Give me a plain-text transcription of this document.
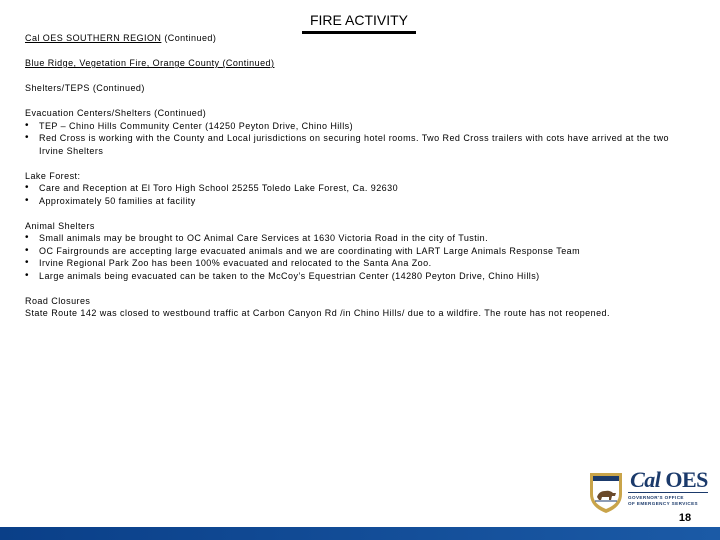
FIRE ACTIVITY

Cal OES SOUTHERN REGION (Continued)

Blue Ridge, Vegetation Fire, Orange County (Continued)

Shelters/TEPS (Continued)

Evacuation Centers/Shelters (Continued)

• TEP – Chino Hills Community Center (14250 Peyton Drive, Chino Hills)
• Red Cross is working with the County and Local jurisdictions on securing hotel rooms. Two Red Cross trailers with cots have arrived at the two Irvine Shelters

Lake Forest:

• Care and Reception at El Toro High School 25255 Toledo Lake Forest, Ca. 92630
• Approximately 50 families at facility

Animal Shelters

• Small animals may be brought to OC Animal Care Services at 1630 Victoria Road in the city of Tustin.
• OC Fairgrounds are accepting large evacuated animals and we are coordinating with LART Large Animals Response Team
• Irvine Regional Park Zoo has been 100% evacuated and relocated to the Santa Ana Zoo.
• Large animals being evacuated can be taken to the McCoy’s Equestrian Center (14280 Peyton Drive, Chino Hills)

Road Closures

State Route 142 was closed to westbound traffic at Carbon Canyon Rd /in Chino Hills/ due to a wildfire. The route has not reopened.

Cal OES
GOVERNOR'S OFFICE
OF EMERGENCY SERVICES
18
